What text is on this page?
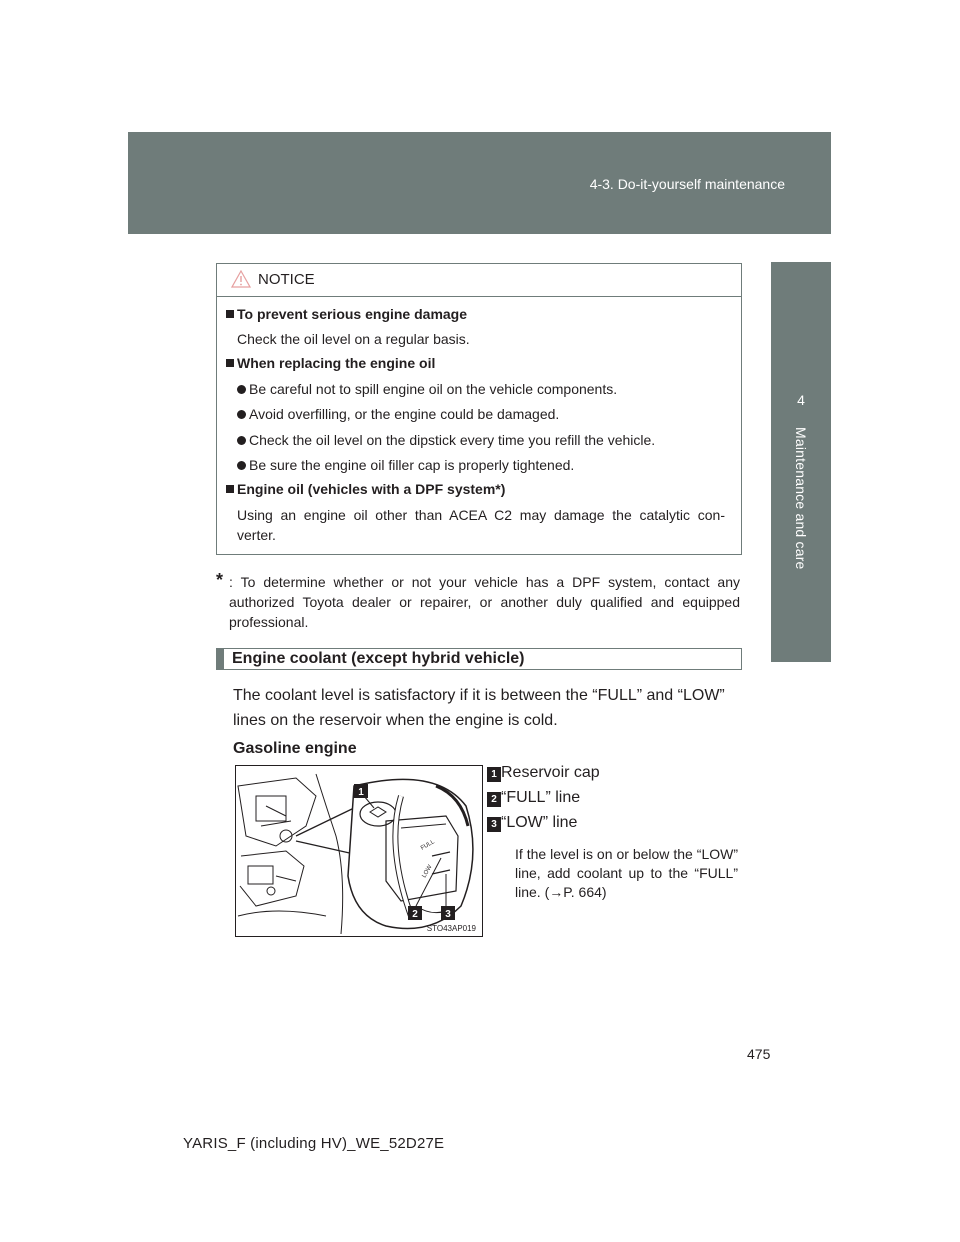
4-3. Do-it-yourself maintenance
4
Maintenance and care
NOTICE
To prevent serious engine damage
Check the oil level on a regular basis.
When replacing the engine oil
Be careful not to spill engine oil on the vehicle components.
Avoid overfilling, or the engine could be damaged.
Check the oil level on the dipstick every time you refill the vehicle.
Be sure the engine oil filler cap is properly tightened.
Engine oil (vehicles with a DPF system*)
Using an engine oil other than ACEA C2 may damage the catalytic con-
verter.
* : To determine whether or not your vehicle has a DPF system, contact any authorized Toyota dealer or repairer, or another duly qualified and equipped professional.
Engine coolant (except hybrid vehicle)
The coolant level is satisfactory if it is between the “FULL” and “LOW” lines on the reservoir when the engine is cold.
Gasoline engine
FULL
LOW
1
2	3
STO43AP019
1 Reservoir cap
2 “FULL” line
3 “LOW” line
If the level is on or below the “LOW” line, add coolant up to the “FULL” line. (→P. 664)
475
YARIS_F (including HV)_WE_52D27E
